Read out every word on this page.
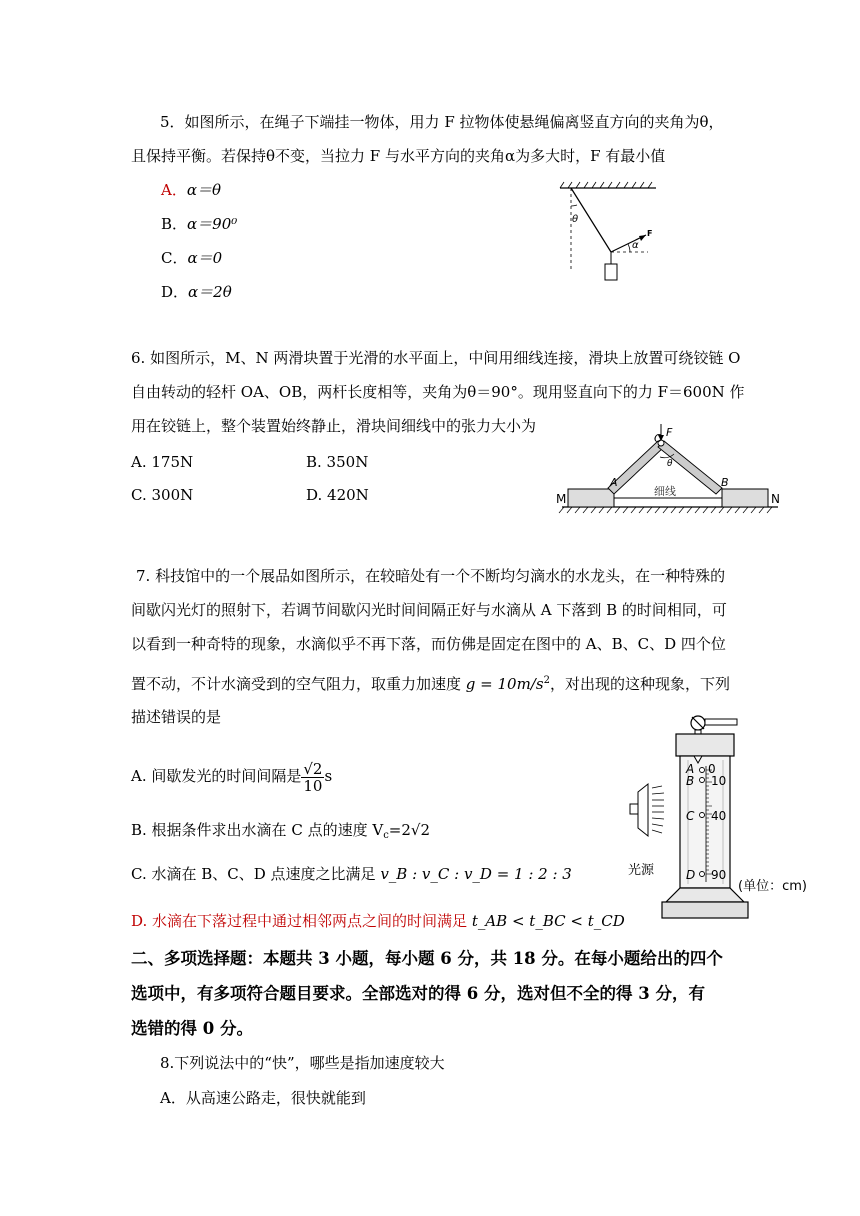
5．如图所示，在绳子下端挂一物体，用力 F 拉物体使悬绳偏离竖直方向的夹角为θ，
且保持平衡。若保持θ不变，当拉力 F 与水平方向的夹角α为多大时，F 有最小值
A．α＝θ
B．α＝90⁰
C．α＝0
D．α＝2θ
θ
α
F
6. 如图所示，M、N 两滑块置于光滑的水平面上，中间用细线连接，滑块上放置可绕铰链 O
自由转动的轻杆 OA、OB，两杆长度相等，夹角为θ＝90°。现用竖直向下的力 F＝600N 作
用在铰链上，整个装置始终静止，滑块间细线中的张力大小为
A. 175N	B. 350N
C. 300N	D. 420N
O F
θ
A	B
M	N
细线
7. 科技馆中的一个展品如图所示，在较暗处有一个不断均匀滴水的水龙头，在一种特殊的
间歇闪光灯的照射下，若调节间歇闪光时间间隔正好与水滴从 A 下落到 B 的时间相同，可
以看到一种奇特的现象，水滴似乎不再下落，而仿佛是固定在图中的 A、B、C、D 四个位
置不动，不计水滴受到的空气阻力，取重力加速度 $g = 10m/s^2$，对出现的这种现象，下列
描述错误的是
A. 间歇发光的时间间隔是 $\frac{√2}{10}$ s
B. 根据条件求出水滴在 C 点的速度 $V_c=2√2$
C. 水滴在 B、C、D 点速度之比满足 v_B : v_C : v_D = 1 : 2 : 3
D. 水滴在下落过程中通过相邻两点之间的时间满足 t_AB < t_BC < t_CD
A
B
C
D
0
10
40
90
光源
(单位：cm)
二、多项选择题：本题共 3 小题，每小题 6 分，共 18 分。在每小题给出的四个
选项中，有多项符合题目要求。全部选对的得 6 分，选对但不全的得 3 分，有
选错的得 0 分。
8.下列说法中的“快”，哪些是指加速度较大
A．从高速公路走，很快就能到
